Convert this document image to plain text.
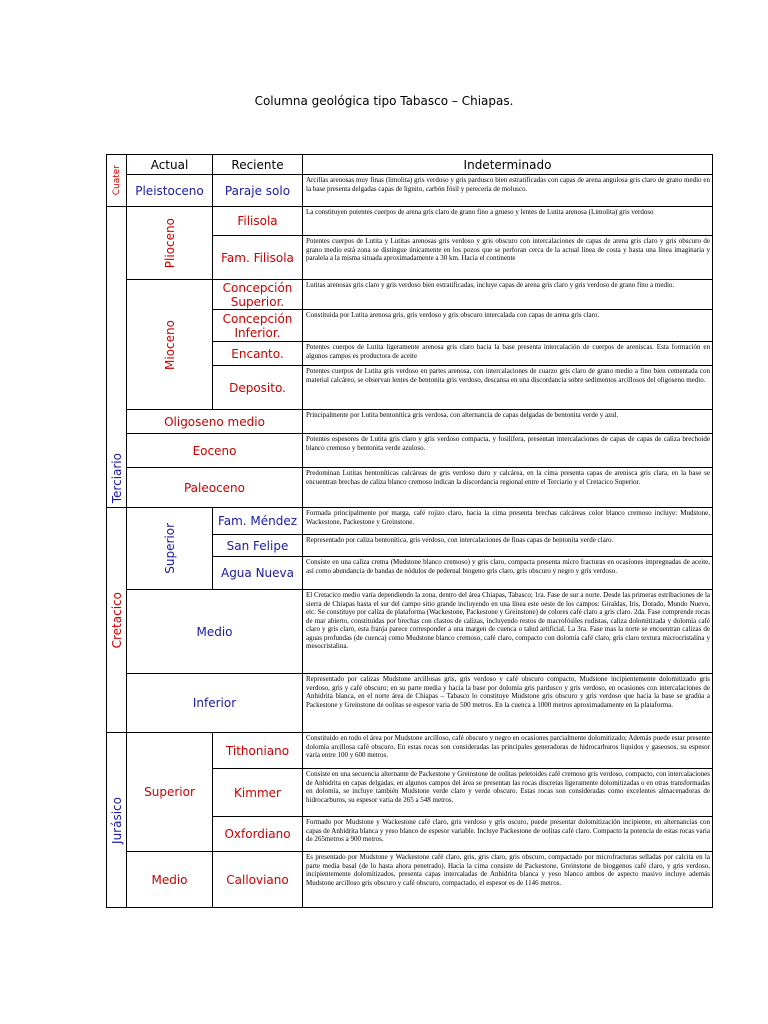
Columna geológica tipo Tabasco – Chiapas.
Cuater	Actual	Reciente	Indeterminado
	Pleistoceno	Paraje solo	Arcillas arenosas muy finas (limolita) gris verdoso y gris pardusco bien estratificadas con capas de arena angulosa gris claro de grano medio en la base presenta delgadas capas de lignito, carbón fósil y perecería de molusco.

Terciario	Plioceno	Filisola	La constituyen potentes cuerpos de arena gris claro de grano fino a grueso y lentes de Lutita arenosa (Limolita) gris verdoso
		Fam. Filisola	Potentes cuerpos de Lutita y Lutitas arenosas gris verdoso y gris obscuro con intercalaciones de capas de arena gris claro y gris obscuro de grano medio está zona se distingue únicamente en los pozos que se perforan cerca de la actual línea de costa y hasta una línea imaginaria y paralela a la misma situada aproximadamente a 30 km. Hacia el continente

	Mioceno	Concepción Superior.	Lutitas arenosas gris claro y gris verdoso bien estratificadas, incluye capas de arena gris claro y gris verdoso de grano fino a medio.
		Concepción Inferior.	Constituida por Lutita arenosa gris, gris verdoso y gris obscuro intercalada con capas de arena gris claro.
		Encanto.	Potentes cuerpos de Lutita ligeramente arenosa gris claro hacia la base presenta intercalación de cuerpos de areniscas. Esta formación en algunos campos es productora de aceite
		Deposito.	Potentes cuerpos de Lutita gris verdoso en partes arenosa, con intercalaciones de cuarzo gris claro de grano medio a fino bien cementada con material calcáreo, se observan lentes de bentonita gris verdoso, descansa en una discordancia sobre sedimentos arcillosos del oligoseno medio.
	Oligoseno medio		Principalmente por Lutita bentonítica gris verdosa, con alternancia de capas delgadas de bentonita verde y azul.
	Eoceno		Potentes espesores de Lutita gris claro y gris verdoso compacta, y fosilífera, presentan intercalaciones de capas de capas de caliza brechoide blanco cremoso y bentonita verde azuloso.
	Paleoceno		Predominan Lutitas bentoníticas calcáreas de gris verdoso duro y calcárea, en la cima presenta capas de arenisca gris clara, en la base se encuentran brechas de caliza blanco cremoso indican la discordancia regional entre el Terciario y el Cretacico Superior.

Cretacico	Superior	Fam. Méndez	Formada principalmente por marga, café rojizo claro, hacia la cima presenta brechas calcáreas color blanco cremoso incluye: Mudstone, Wackestone, Packestone y Greinstone.
		San Felipe	Representado por caliza bentonítica, gris verdoso, con intercalaciones de finas capas de bentonita verde claro.
		Agua Nueva	Consiste en una caliza crema (Mudstone blanco cremoso) y gris claro, compacta presenta micro fracturas en ocasiones impregnadas de aceite, así como abundancia de bandas de nódulos de pedernal biogeno gris claro, gris obscuro y negro y gris verdoso.
	Medio		El Cretacico medio varía dependiendo la zona, dentro del área Chiapas, Tabasco; 1ra. Fase de sur a norte. Desde las primeras estribaciones de la sierra de Chiapas hasta el sur del campo sitio grande incluyendo en una línea este oeste de los campos: Giraldas, Iris, Dorado, Mundo Nuevo, etc. Se constituye por caliza de plataforma (Wackestone, Packestone y Greinstone) de colores café claro a gris claro. 2da. Fase comprende rocas de mar abierto, constituidas por brechas con clastos de calizas, incluyendo restos de macrofósiles rudistas, caliza dolomitizada y dolomía café claro y gris claro, esta franja parece corresponder a una margen de cuenca o talud artificial. La 3ra. Fase mas la norte se encuentran calizas de aguas profundas (de cuenca) como Mudstone blanco cremoso, café claro, compacto con dolomía café claro, gris claro textura microcristalina y mesocristalina.
	Inferior		Representado por calizas Mudstone arcillosas gris, gris verdoso y café obscuro compacto, Mudstone incipientemente dolomitizado gris verdoso, gris y café obscuro; en su parte media y hacia la base por dolomía gris pardusco y gris verdoso, en ocasiones con intercalaciones de Anhidrita blanca, en el norte área de Chiapas – Tabasco lo constituye Mudstone gris obscuro y gris verdoso que hacia la base se gradúa a Packestone y Greinstone de oolitas se espesor varia de 500 metros. En la cuenca a 1000 metros aproximadamente en la plataforma.

Jurásico	Superior	Tithoniano	Constituido en todo el área por Mudstone arcilloso, café obscuro y negro en ocasiones parcialmente dolomitizado; Además puede estar presente dolomía arcillosa café obscuro. En estas rocas son consideradas las principales generadoras de hidrocarburos líquidos y gaseosos, su espesor varía entre 100 y 600 metros.
		Kimmer	Consiste en una secuencia alternante de Packestone y Greinstone de oolitas peletoides café cremoso gris verdoso, compacto, con intercalaciones de Anhidrita en capas delgadas, en algunos campos del área se presentan las rocas discretas ligeramente dolomitizadas o en otras transformadas en dolomía, se incluye también Mudstone verde claro y verde obscuro. Estas rocas son consideradas como excelentes almacenadoras de hidrocarburos, su espesor varia de 265 a 548 metros.
		Oxfordiano	Formado por Mudstone y Wackestone café claro, gris verdoso y gris oscuro, puede presentar dolomitización incipiente, en alternancias con capas de Anhidrita blanca y yeso blanco de espesor variable. Incluye Packestone de oolitas café claro. Compacto la potencia de estas rocas varia de 265metros a 900 metros.
	Medio	Calloviano	Es presentado por Mudstone y Wackestone café claro, gris, gris claro, gris obscuro, compactado por microfracturas selladas por calcita en la parte media basal (de lo hasta ahora penetrado). Hacia la cima consiste de Packestone, Greinstone de bioggenos café claro, y gris verdoso, incipientemente dolomitizados, presenta capas intercaladas de Anhidrita blanca y yeso blanco ambos de aspecto masivo incluye además Mudstone arcilloso gris obscuro y café obscuro, compactado, el espesor es de 1146 metros.
